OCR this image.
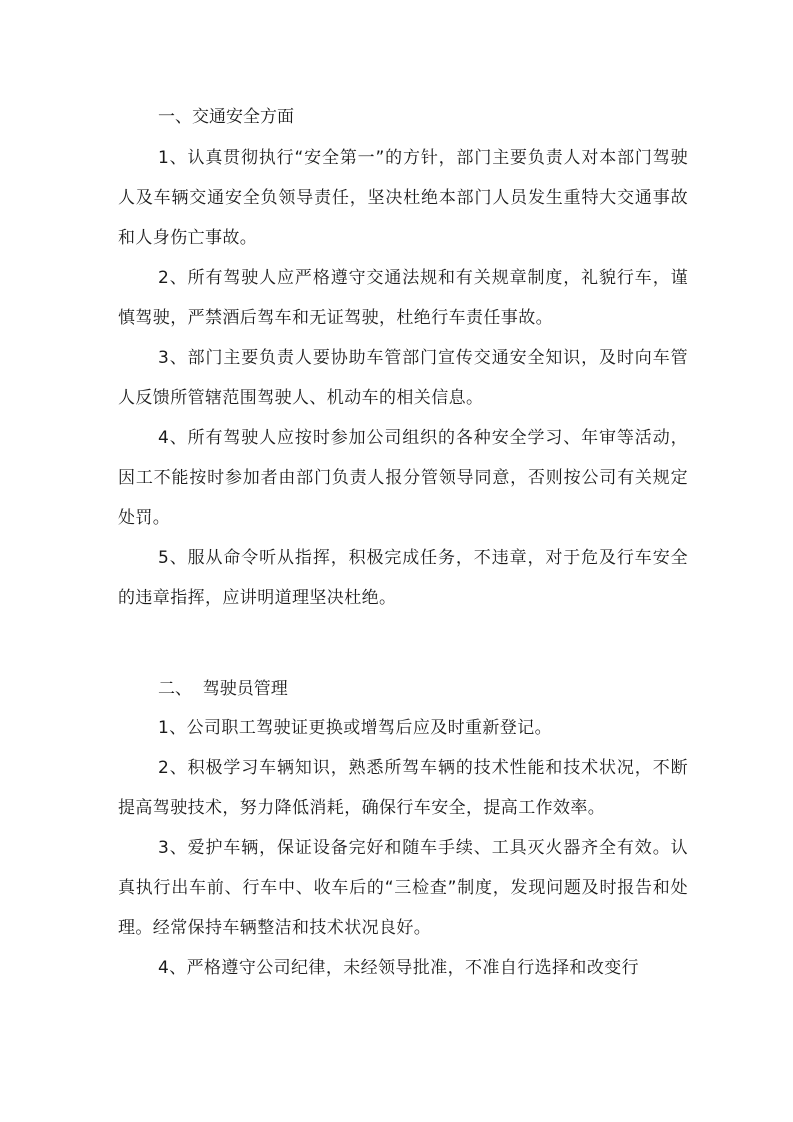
一、交通安全方面

1、认真贯彻执行“安全第一”的方针，部门主要负责人对本部门驾驶人及车辆交通安全负领导责任，坚决杜绝本部门人员发生重特大交通事故和人身伤亡事故。

2、所有驾驶人应严格遵守交通法规和有关规章制度，礼貌行车，谨慎驾驶，严禁酒后驾车和无证驾驶，杜绝行车责任事故。

3、部门主要负责人要协助车管部门宣传交通安全知识，及时向车管人反馈所管辖范围驾驶人、机动车的相关信息。

4、所有驾驶人应按时参加公司组织的各种安全学习、年审等活动，因工不能按时参加者由部门负责人报分管领导同意，否则按公司有关规定处罚。

5、服从命令听从指挥，积极完成任务，不违章，对于危及行车安全的违章指挥，应讲明道理坚决杜绝。

二、  驾驶员管理

1、公司职工驾驶证更换或增驾后应及时重新登记。

2、积极学习车辆知识，熟悉所驾车辆的技术性能和技术状况，不断提高驾驶技术，努力降低消耗，确保行车安全，提高工作效率。

3、爱护车辆，保证设备完好和随车手续、工具灭火器齐全有效。认真执行出车前、行车中、收车后的“三检查”制度，发现问题及时报告和处理。经常保持车辆整洁和技术状况良好。

4、严格遵守公司纪律，未经领导批准，不准自行选择和改变行
